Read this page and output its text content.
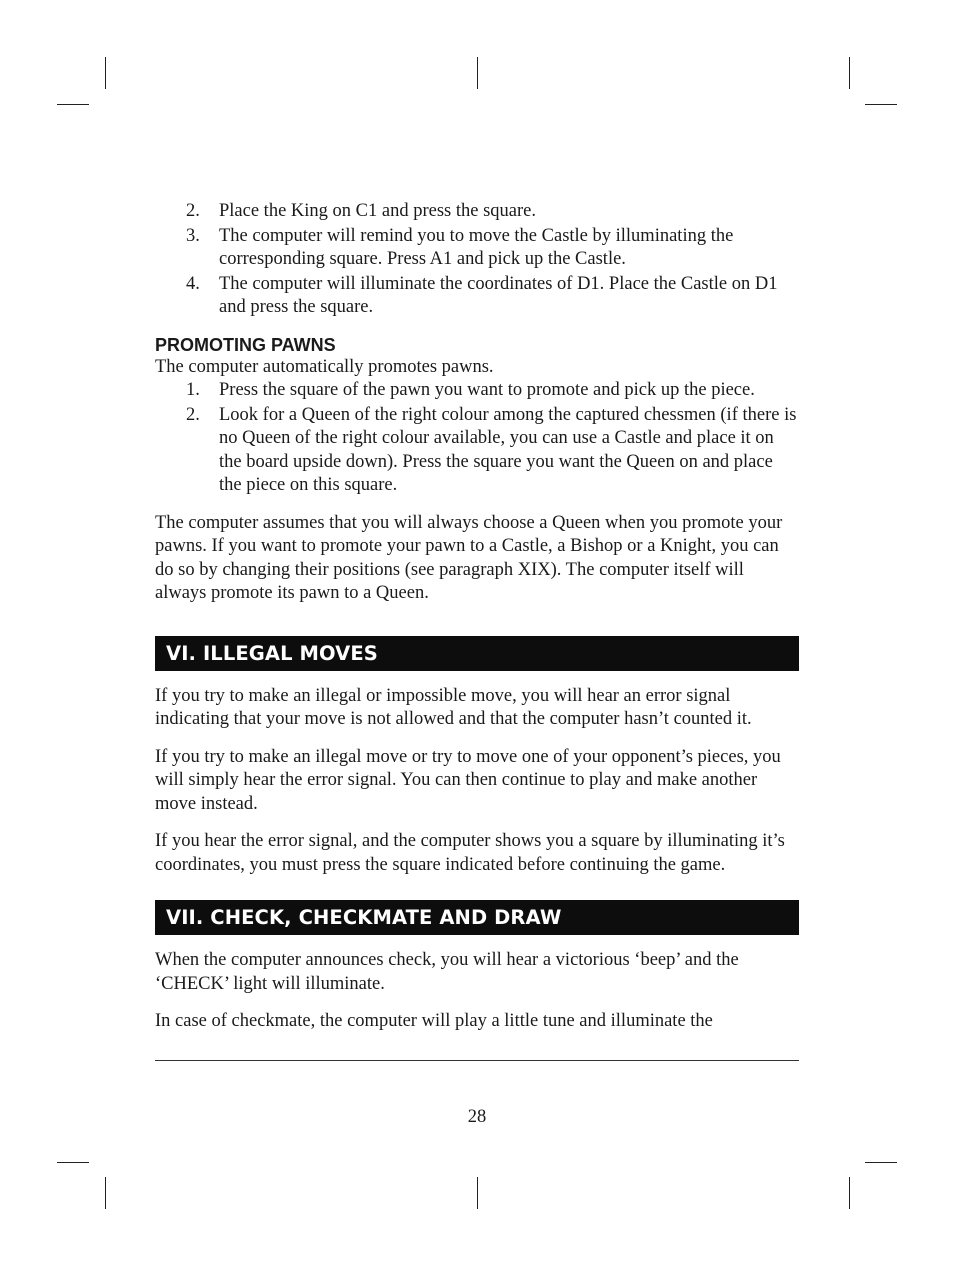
2. Place the King on C1 and press the square.
3. The computer will remind you to move the Castle by illuminating the corresponding square. Press A1 and pick up the Castle.
4. The computer will illuminate the coordinates of D1. Place the Castle on D1 and press the square.
PROMOTING PAWNS

The computer automatically promotes pawns.

1. Press the square of the pawn you want to promote and pick up the piece.
2. Look for a Queen of the right colour among the captured chessmen (if there is no Queen of the right colour available, you can use a Castle and place it on the board upside down). Press the square you want the Queen on and place the piece on this square.

The computer assumes that you will always choose a Queen when you promote your pawns. If you want to promote your pawn to a Castle, a Bishop or a Knight, you can do so by changing their positions (see paragraph XIX). The computer itself will always promote its pawn to a Queen.

VI. ILLEGAL MOVES

If you try to make an illegal or impossible move, you will hear an error signal indicating that your move is not allowed and that the computer hasn’t counted it.

If you try to make an illegal move or try to move one of your opponent’s pieces, you will simply hear the error signal. You can then continue to play and make another move instead.

If you hear the error signal, and the computer shows you a square by illuminating it’s coordinates, you must press the square indicated before continuing the game.

VII. CHECK, CHECKMATE AND DRAW

When the computer announces check, you will hear a victorious ‘beep’ and the ‘CHECK’ light will illuminate.

In case of checkmate, the computer will play a little tune and illuminate the

28
